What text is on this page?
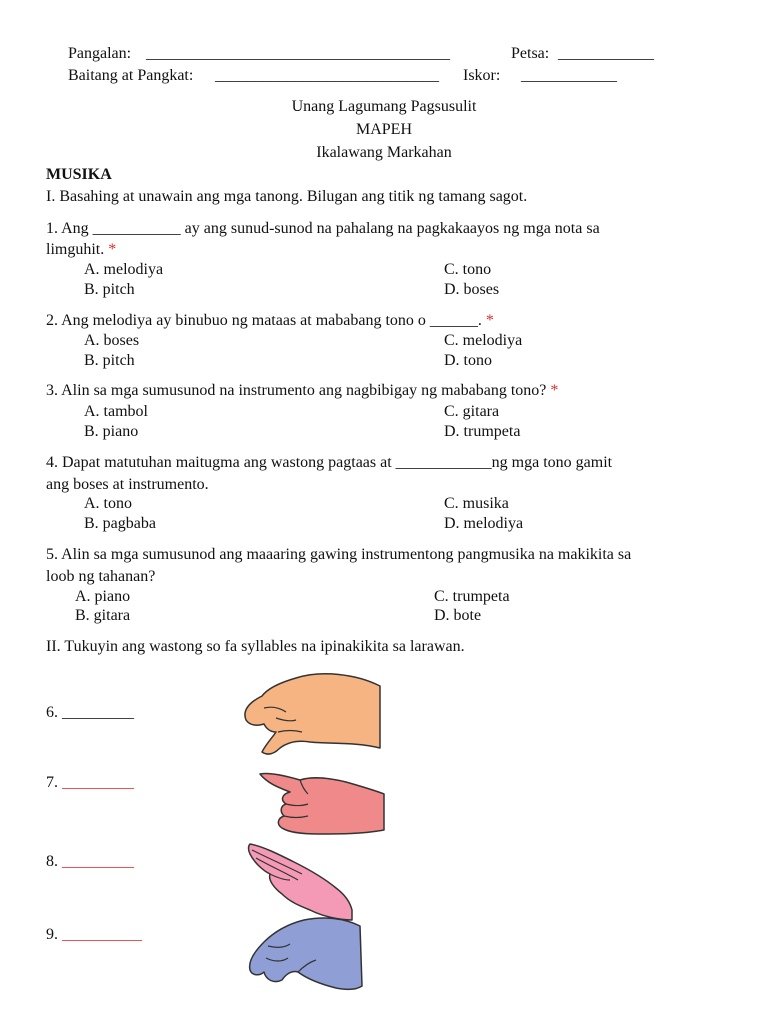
Pangalan: ______________________________________	Petsa: ____________
Baitang at Pangkat: ____________________________ Iskor: ____________
Unang Lagumang Pagsusulit
MAPEH
Ikalawang Markahan
MUSIKA
I. Basahing at unawain ang mga tanong. Bilugan ang titik ng tamang sagot.
1. Ang ___________ ay ang sunud-sunod na pahalang na pagkakaayos ng mga nota sa
limguhit. *
A. melodiya	C. tono
B. pitch	D. boses
2. Ang melodiya ay binubuo ng mataas at mababang tono o ______. *
A. boses	C. melodiya
B. pitch	D. tono
3. Alin sa mga sumusunod na instrumento ang nagbibigay ng mababang tono? *
A. tambol	C. gitara
B. piano	D. trumpeta
4. Dapat matutuhan maitugma ang wastong pagtaas at ____________ng mga tono gamit
ang boses at instrumento.
A. tono	C. musika
B. pagbaba	D. melodiya
5. Alin sa mga sumusunod ang maaaring gawing instrumentong pangmusika na makikita sa
loob ng tahanan?
A. piano	C. trumpeta
B. gitara	D. bote
II. Tukuyin ang wastong so fa syllables na ipinakikita sa larawan.
6. _________
7. _________
8. _________
9. __________
